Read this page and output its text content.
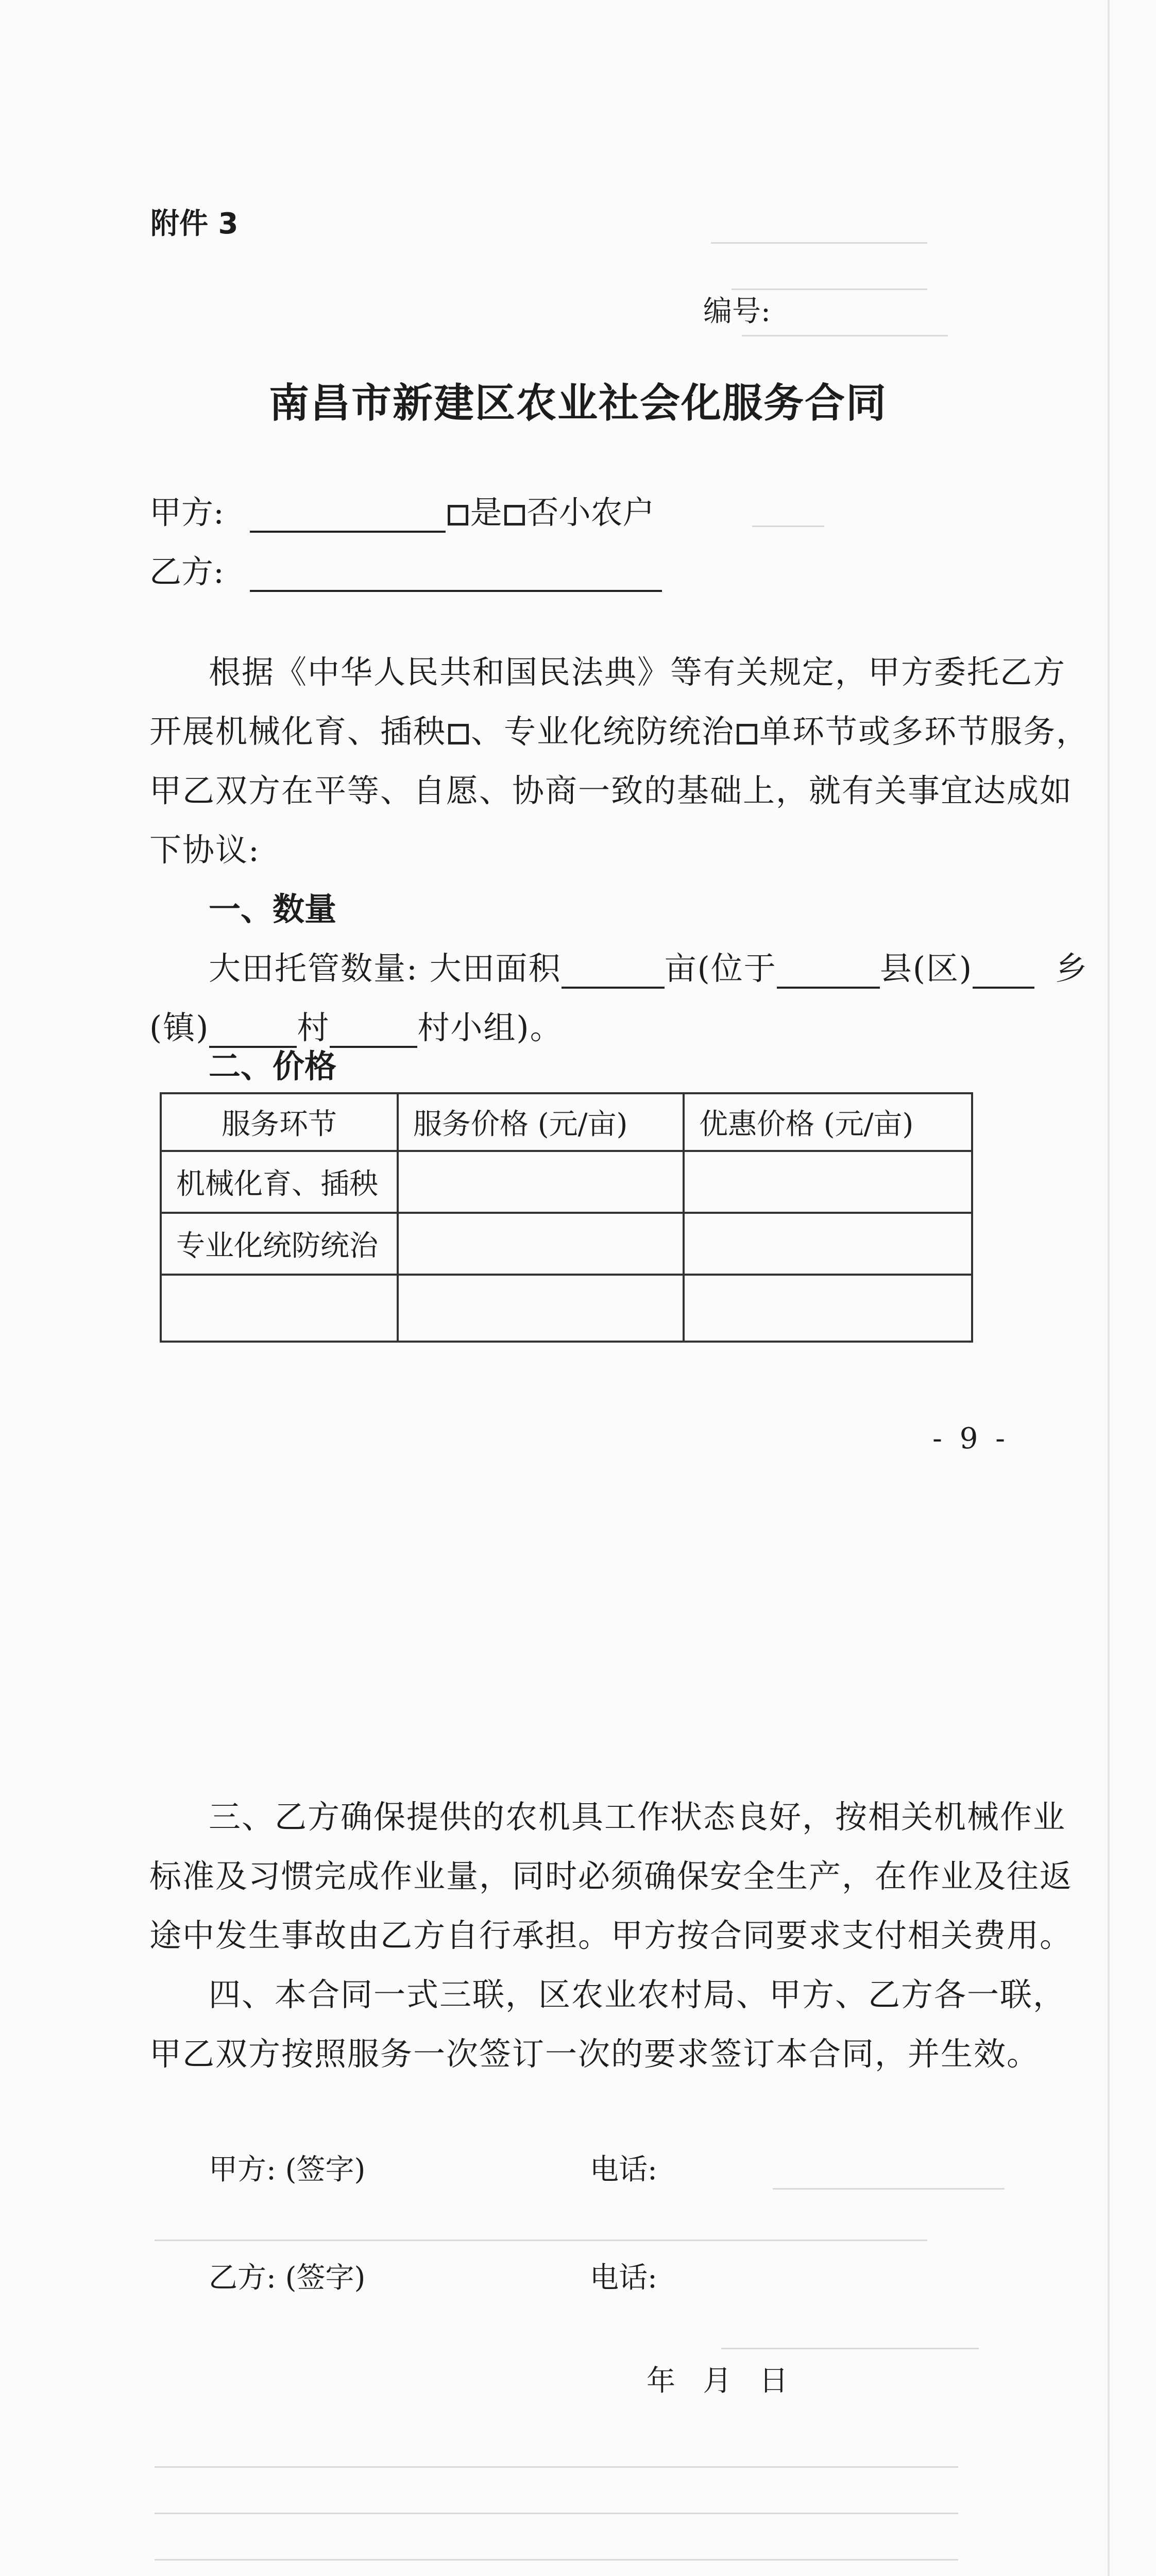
附件 3
编号:
南昌市新建区农业社会化服务合同
甲方:	是 否小农户
乙方:
根据《中华人民共和国民法典》等有关规定，甲方委托乙方
开展机械化育、插秧 、专业化统防统治 单环节或多环节服务，
甲乙双方在平等、自愿、协商一致的基础上，就有关事宜达成如
下协议:
一、数量
大田托管数量: 大田面积	亩(位于	县(区)	乡
(镇)	村	村小组)。
二、价格
服务环节	服务价格 (元/亩)	优惠价格 (元/亩)
机械化育、插秧		
专业化统防统治		

- 9 -
三、乙方确保提供的农机具工作状态良好，按相关机械作业
标准及习惯完成作业量，同时必须确保安全生产，在作业及往返
途中发生事故由乙方自行承担。甲方按合同要求支付相关费用。
四、本合同一式三联，区农业农村局、甲方、乙方各一联，
甲乙双方按照服务一次签订一次的要求签订本合同，并生效。
甲方: (签字)	电话:
乙方: (签字)	电话:
年   月   日
